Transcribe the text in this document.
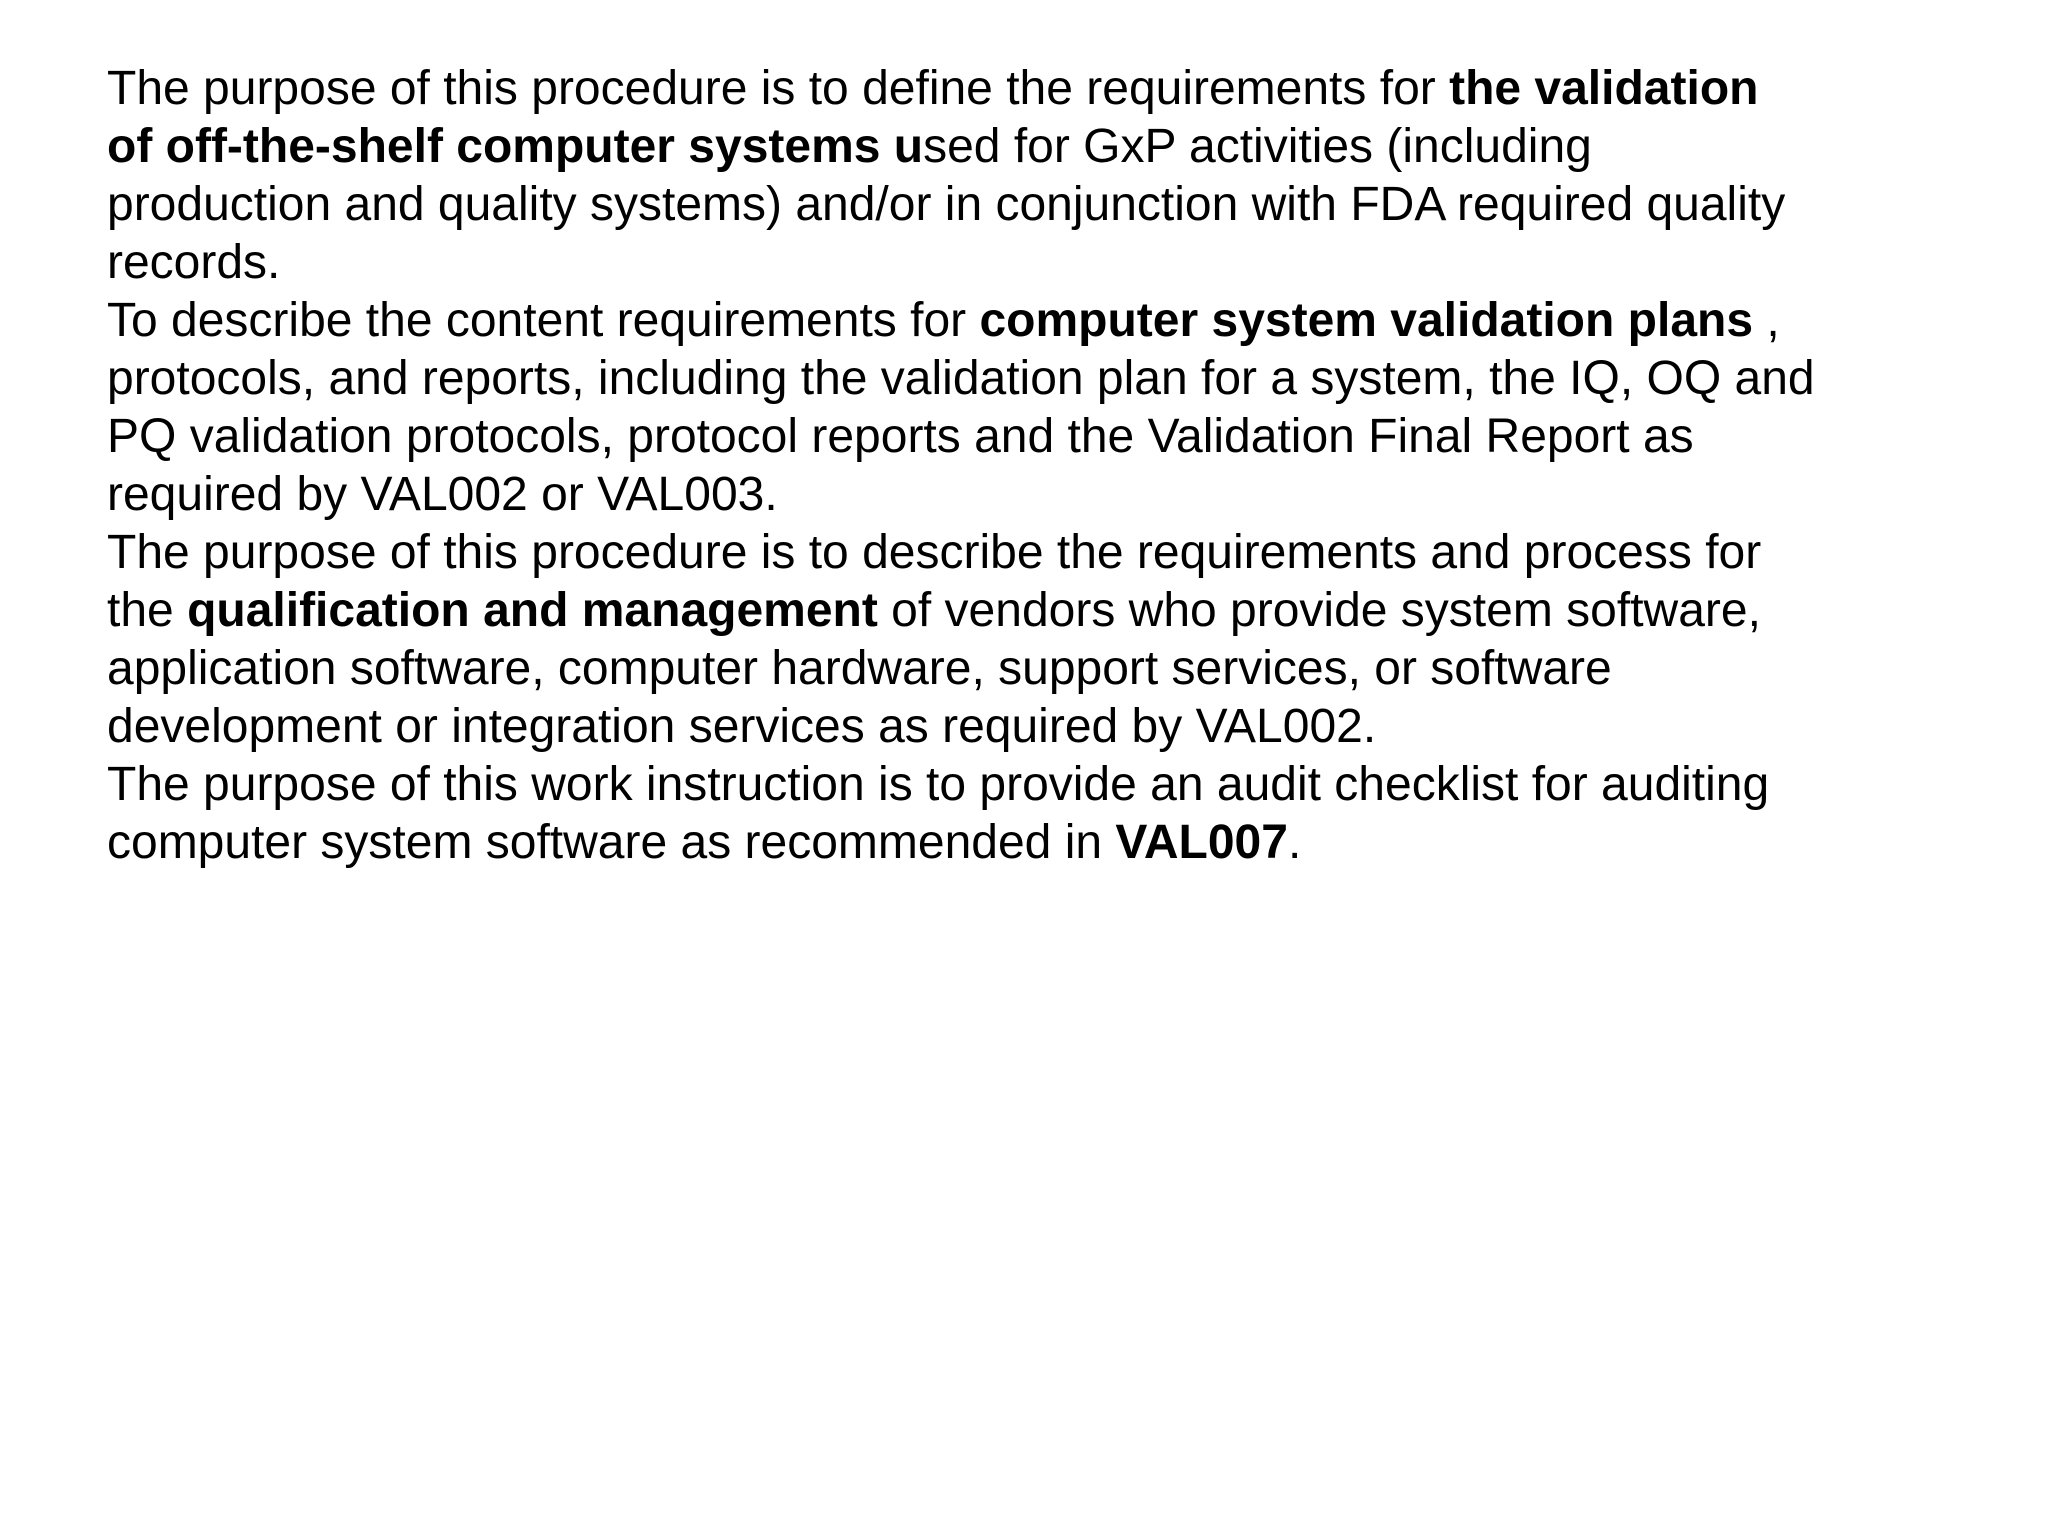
The purpose of this procedure is to define the requirements for the validation
of off-the-shelf computer systems used for GxP activities (including
production and quality systems) and/or in conjunction with FDA required quality
records.
To describe the content requirements for computer system validation plans ,
protocols, and reports, including the validation plan for a system, the IQ, OQ and
PQ validation protocols, protocol reports and the Validation Final Report as
required by VAL002 or VAL003.
The purpose of this procedure is to describe the requirements and process for
the qualification and management of vendors who provide system software,
application software, computer hardware, support services, or software
development or integration services as required by VAL002.
The purpose of this work instruction is to provide an audit checklist for auditing
computer system software as recommended in VAL007.
